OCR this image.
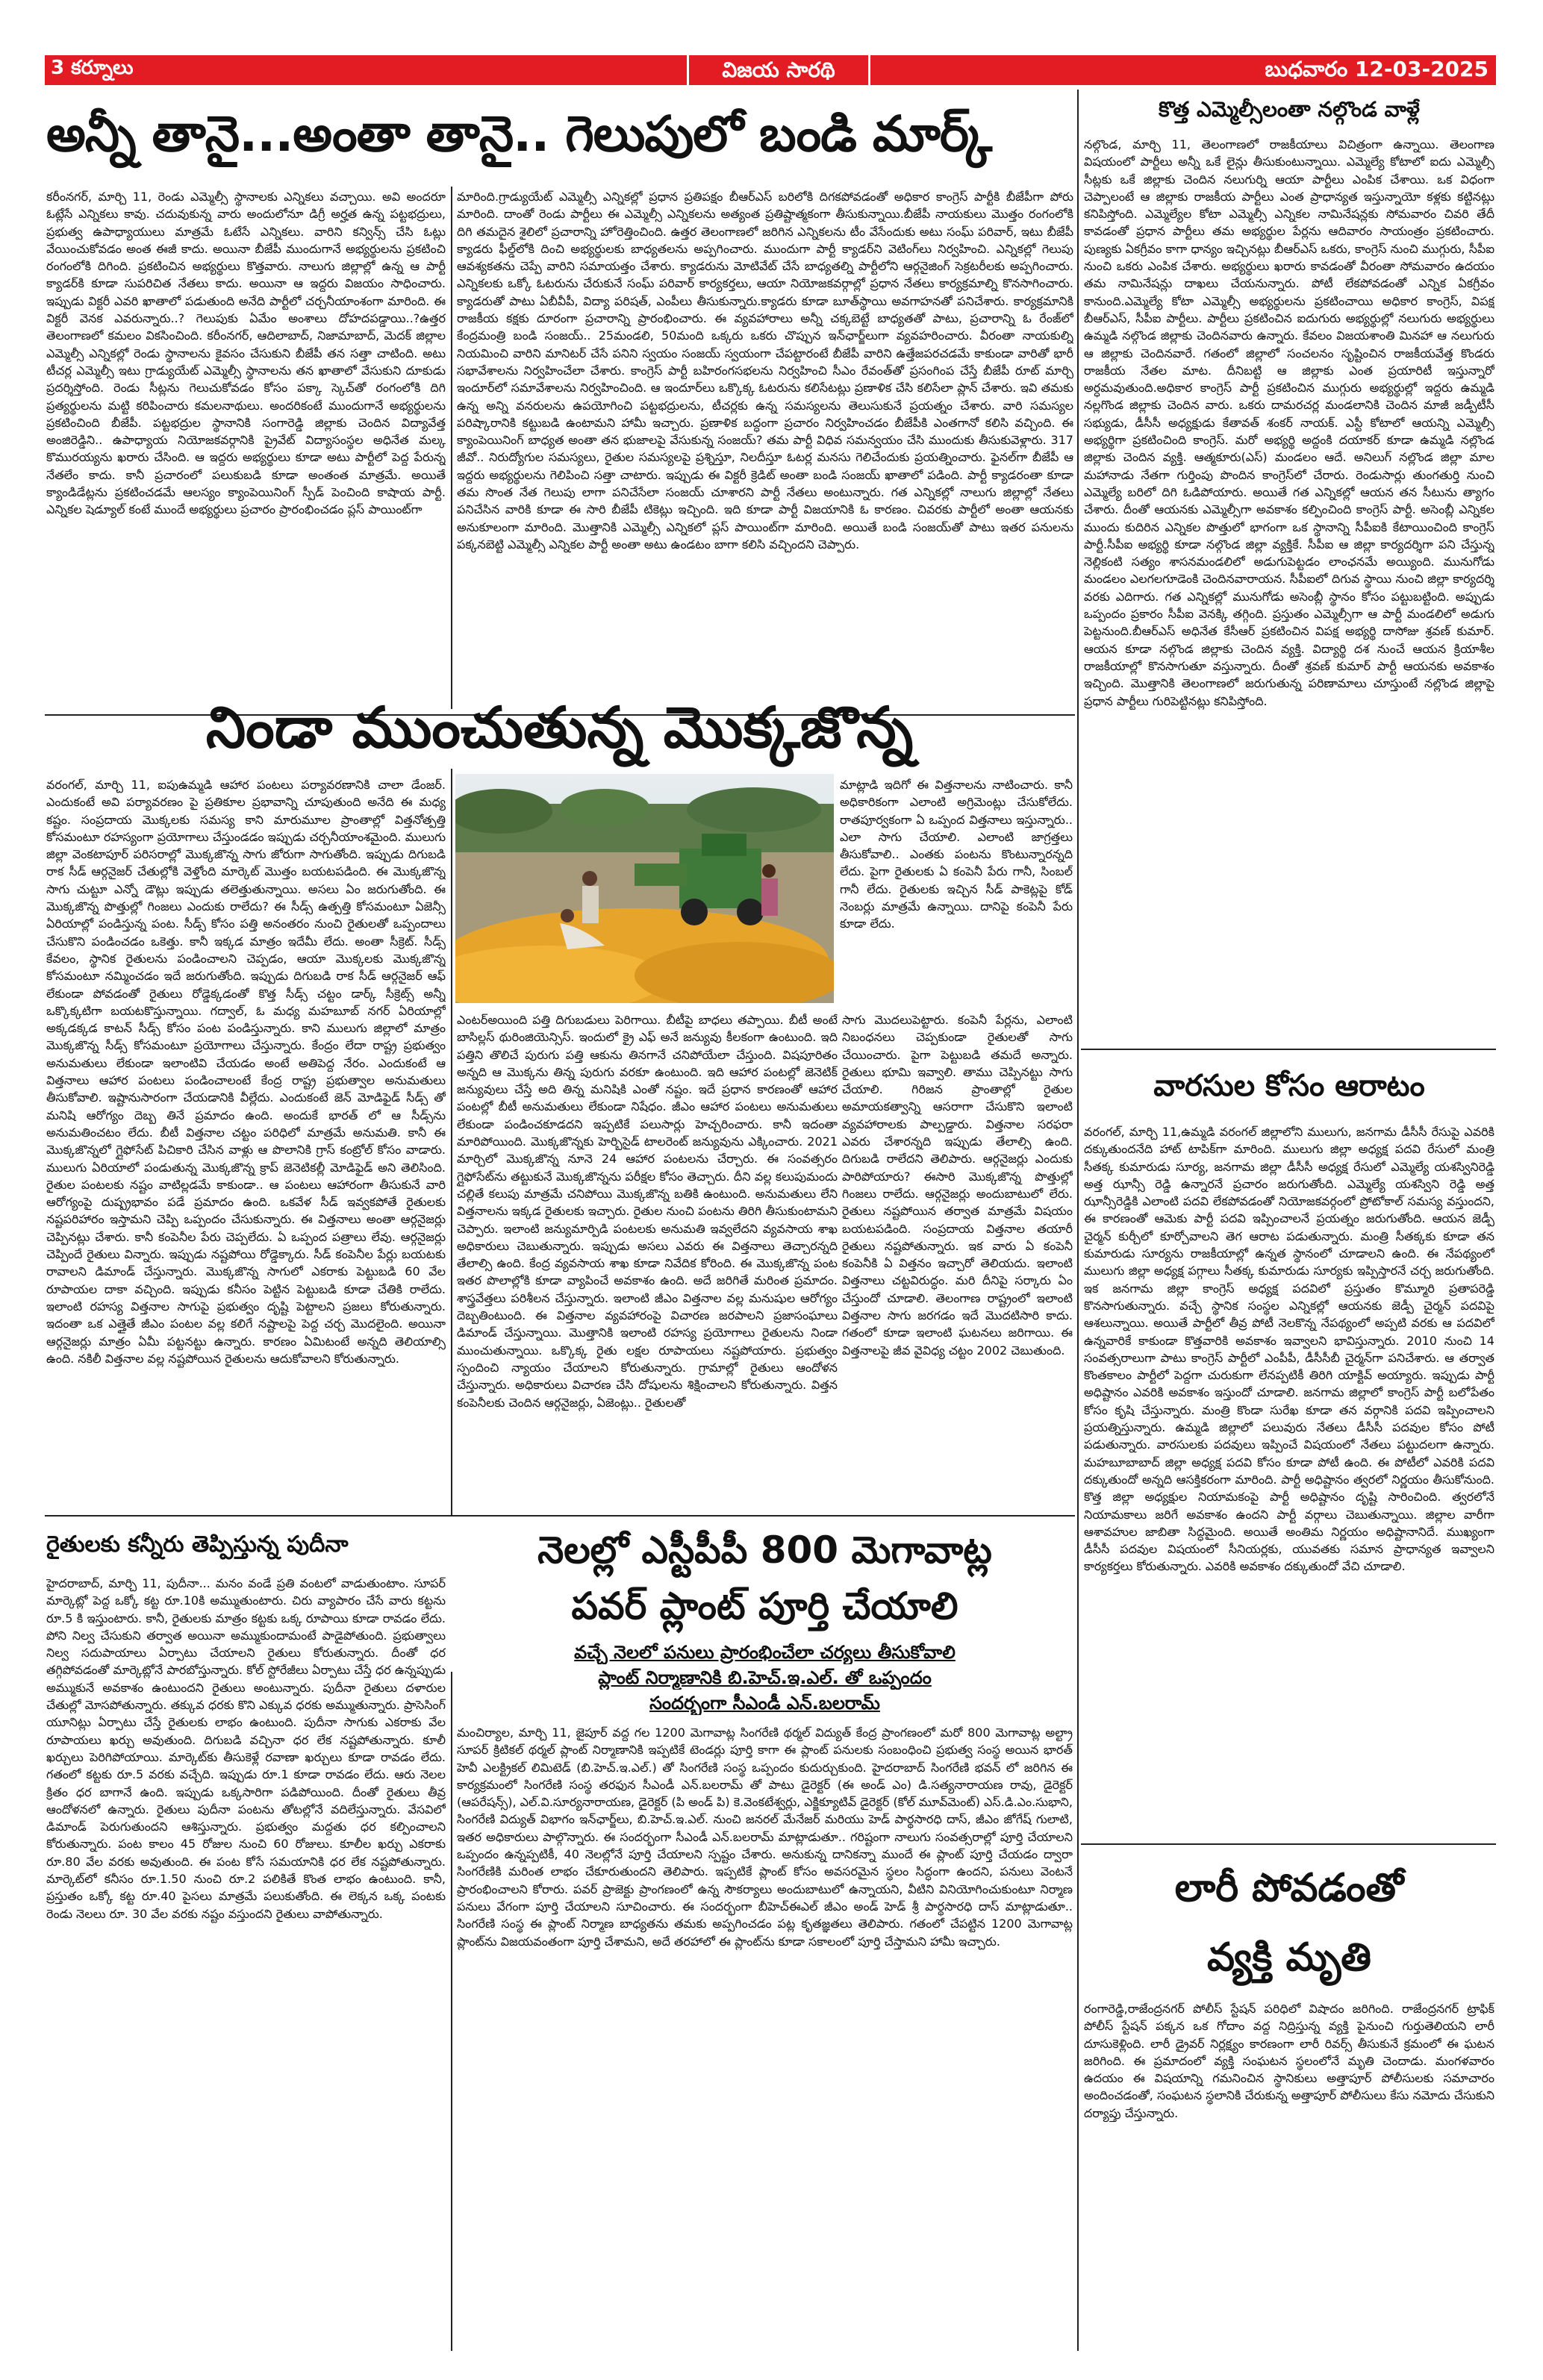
3 కర్నూలు	విజయ సారథి	బుధవారం 12-03-2025
అన్నీ తానై...అంతా తానై.. గెలుపులో బండి మార్క్
కరీంనగర్, మార్చి 11, రెండు ఎమ్మెల్సీ స్థానాలకు ఎన్నికలు వచ్చాయి. అవి అందరూ ఓట్లేసే ఎన్నికలు కావు. చదువుకున్న వారు అందులోనూ డిగ్రీ అర్హత ఉన్న పట్టభద్రులు, ప్రభుత్వ ఉపాధ్యాయులు మాత్రమే ఓటేసే ఎన్నికలు. వారిని కన్విన్స్ చేసి ఓట్లు వేయించుకోవడం అంత ఈజీ కాదు. అయినా బీజేపీ ముందుగానే అభ్యర్థులను ప్రకటించి రంగంలోకి దిగింది. ప్రకటించిన అభ్యర్థులు కొత్తవారు. నాలుగు జిల్లాల్లో ఉన్న ఆ పార్టీ క్యాడర్‌కి కూడా సుపరిచిత నేతలు కాదు. అయినా ఆ ఇద్దరు విజయం సాధించారు. ఇప్పుడు విక్టరీ ఎవరి ఖాతాలో పడుతుంది అనేది పార్టీలో చర్చనీయాంశంగా మారింది. ఈ విక్టరీ వెనక ఎవరున్నారు..? గెలుపుకు ఏమేం అంశాలు దోహదపడ్డాయి..?ఉత్తర తెలంగాణలో కమలం వికసించింది. కరీంనగర్, ఆదిలాబాద్, నిజామాబాద్, మెదక్ జిల్లాల ఎమ్మెల్సీ ఎన్నికల్లో రెండు స్థానాలను కైవసం చేసుకుని బీజేపీ తన సత్తా చాటింది. అటు టీచర్ల ఎమ్మెల్సీ ఇటు గ్రాడ్యుయేట్ ఎమ్మెల్సీ స్థానాలను తన ఖాతాలో వేసుకుని దూకుడు ప్రదర్శిస్తోంది. రెండు సీట్లను గెలుచుకోవడం కోసం పక్కా స్కెచ్‌తో రంగంలోకి దిగి ప్రత్యర్థులను మట్టి కరిపించారు కమలనాథులు. అందరికంటే ముందుగానే అభ్యర్థులను ప్రకటించింది బీజేపీ. పట్టభద్రుల స్థానానికి సంగారెడ్డి జిల్లాకు చెందిన విద్యావేత్త అంజిరెడ్డిని.. ఉపాధ్యాయ నియోజకవర్గానికి ప్రైవేట్ విద్యాసంస్థల అధినేత మల్క కొమురయ్యను ఖరారు చేసింది. ఆ ఇద్దరు అభ్యర్థులు కూడా అటు పార్టీలో పెద్ద పేరున్న నేతలేం కాదు. కానీ ప్రచారంలో పలుకుబడి కూడా అంతంత మాత్రమే. అయితే క్యాండిడేట్లను ప్రకటించడమే ఆలస్యం క్యాంపెయినింగ్ స్పీడ్ పెంచింది కాషాయ పార్టీ. ఎన్నికల షెడ్యూల్ కంటే ముందే అభ్యర్థులు ప్రచారం ప్రారంభించడం ప్లస్ పాయింట్‌గా
మారింది.గ్రాడ్యుయేట్ ఎమ్మెల్సీ ఎన్నికల్లో ప్రధాన ప్రతిపక్షం బీఆర్ఎస్ బరిలోకి దిగకపోవడంతో అధికార కాంగ్రెస్ పార్టీకి బీజేపీగా పోరు మారింది. దాంతో రెండు పార్టీలు ఈ ఎమ్మెల్సీ ఎన్నికలను అత్యంత ప్రతిష్టాత్మకంగా తీసుకున్నాయి.బీజేపీ నాయకులు మొత్తం రంగంలోకి దిగి తమదైన శైలిలో ప్రచారాన్ని హోరెత్తించింది. ఉత్తర తెలంగాణలో జరిగిన ఎన్నికలను టీం వేసేందుకు అటు సంఘ్ పరివార్, ఇటు బీజేపీ క్యాడరు ఫీల్డ్‌లోకి దించి అభ్యర్థులకు బాధ్యతలను అప్పగించారు. ముందుగా పార్టీ క్యాడర్‌ని వెటింగ్‌లు నిర్వహించి. ఎన్నికల్లో గెలుపు ఆవశ్యకతను చెప్పే వారిని సమాయత్తం చేశారు. క్యాడరును మోటివేట్ చేసే బాధ్యతల్ని పార్టీలోని ఆర్గనైజింగ్ సెక్రటరీలకు అప్పగించారు. ఎన్నికలకు ఒక్కో ఓటరును చేరుకునే సంఘ్ పరివార్ కార్యకర్తలు, ఆయా నియోజకవర్గాల్లో ప్రధాన నేతలు కార్యక్రమాల్ని కొనసాగించారు. క్యాడరుతో పాటు ఏబీవీపీ, విద్యా పరిషత్, ఎంపీలు తీసుకున్నారు.క్యాడరు కూడా బూత్‌స్థాయి అవగాహనతో పనిచేశారు. కార్యక్రమానికి రాజకీయ కక్షకు దూరంగా ప్రచారాన్ని ప్రారంభించారు. ఈ వ్యవహారాలు అన్నీ చక్కబెట్టే బాధ్యతతో పాటు, ప్రచారాన్ని ఓ రేంజ్‌లో కేంద్రమంత్రి బండి సంజయ్.. 25మండలి, 50మంది ఒక్కరు ఒకరు చొప్పున ఇన్‌ఛార్జ్‌లుగా వ్యవహరించారు. వీరంతా నాయకుల్ని నియమించి వారిని మానిటర్ చేసే పనిని స్వయం సంజయ్ స్వయంగా చేపట్టారంటే బీజేపీ వారిని ఉత్తేజపరచడమే కాకుండా వారితో భారీ సభావేశాలను నిర్వహించేలా చేశారు. కాంగ్రెస్ పార్టీ బహిరంగసభలను నిర్వహించి సీఎం రేవంత్‌తో ప్రసంగింప చేస్తే బీజేపీ రూట్ మార్చి ఇందూర్‌లో సమావేశాలను నిర్వహించింది. ఆ ఇందూర్‌లు ఒక్కొక్క ఓటరును కలిసేటట్లు ప్రణాళిక చేసి కలిసేలా ప్లాన్ చేశారు. ఇవి తమకు ఉన్న అన్ని వనరులను ఉపయోగించి పట్టభద్రులను, టీచర్లకు ఉన్న సమస్యలను తెలుసుకునే ప్రయత్నం చేశారు. వారి సమస్యల పరిష్కారానికి కట్టుబడి ఉంటామని హామీ ఇచ్చారు. ప్రణాళిక బద్ధంగా ప్రచారం నిర్వహించడం బీజేపీకి ఎంతగానో కలిసి వచ్చింది. ఈ క్యాంపెయినింగ్ బాధ్యత అంతా తన భుజాలపై వేసుకున్న సంజయ్? తమ పార్టీ విధివ సమన్వయం చేసి ముందుకు తీసుకువెళ్లారు. 317 జీవో.. నిరుద్యోగుల సమస్యలు, రైతుల సమస్యలపై ప్రశ్నిస్తూ, నిలదీస్తూ ఓటర్ల మనసు గెలిచేందుకు ప్రయత్నించారు. ఫైనల్‌గా బీజేపీ ఆ ఇద్దరు అభ్యర్థులను గెలిపించి సత్తా చాటారు. ఇప్పుడు ఈ విక్టరీ క్రెడిట్ అంతా బండి సంజయ్ ఖాతాలో పడింది. పార్టీ క్యాడరంతా కూడా తమ సొంత నేత గెలుపు లాగా పనిచేసేలా సంజయ్ చూశారని పార్టీ నేతలు అంటున్నారు. గత ఎన్నికల్లో నాలుగు జిల్లాల్లో నేతలు పనిచేసిన వారికి కూడా ఈ సారి బీజేపీ టికెట్లు ఇచ్చింది. ఇది కూడా పార్టీ విజయానికి ఓ కారణం. చివరకు పార్టీలో అంతా ఆయనకు అనుకూలంగా మారింది. మొత్తానికి ఎమ్మెల్సీ ఎన్నికలో ప్లస్ పాయింట్‌గా మారింది. అయితే బండి సంజయ్‌తో పాటు ఇతర పనులను పక్కనబెట్టి ఎమ్మెల్సీ ఎన్నికల పార్టీ అంతా అటు ఉండటం బాగా కలిసి వచ్చిందని చెప్పారు.
నిండా ముంచుతున్న మొక్కజొన్న
వరంగల్, మార్చి 11, ఐపుఉమ్మడి ఆహార పంటలు పర్యావరణానికి చాలా డేంజర్. ఎందుకంటే అవి పర్యావరణం పై ప్రతికూల ప్రభావాన్ని చూపుతుంది అనేది ఈ మధ్య కష్టం. సంప్రదాయ మొక్కలకు సమస్య కాని మారుమూల ప్రాంతాల్లో విత్తనోత్పత్తి కోసమంటూ రహస్యంగా ప్రయోగాలు చేస్తుండడం ఇప్పుడు చర్చనీయాంశమైంది. ములుగు జిల్లా వెంకటాపూర్ పరిసరాల్లో మొక్కజొన్న సాగు జోరుగా సాగుతోంది. ఇప్పుడు దిగుబడి రాక సీడ్ ఆర్గనైజర్ చేతుల్లోకి వెళ్తోంది మార్కెట్ మొత్తం బయటపడింది. ఈ మొక్కజొన్న సాగు చుట్టూ ఎన్నో డౌట్లు ఇప్పుడు తలెత్తుతున్నాయి. అసలు ఏం జరుగుతోంది. ఈ మొక్కజొన్న పొత్తుల్లో గింజలు ఎందుకు రాలేదు? ఈ సీడ్స్ ఉత్పత్తి కోసమంటూ ఏజెన్సీ ఏరియాల్లో పండిస్తున్న పంట. సీడ్స్ కోసం పత్తి అనంతరం నుంచి రైతులతో ఒప్పందాలు చేసుకొని పండించడం ఒకెత్తు. కానీ ఇక్కడ మాత్రం ఇదేమీ లేదు. అంతా సీక్రెట్. సీడ్స్ కేవలం, స్థానిక రైతులను పండించాలని చెప్పడం, ఆయా మొక్కలకు మొక్కజొన్న కోసమంటూ నమ్మించడం ఇదే జరుగుతోంది. ఇప్పుడు దిగుబడి రాక సీడ్ ఆర్గనైజర్ ఆఫ్ లేకుండా పోవడంతో రైతులు రోడ్డెక్కడంతో కొత్త సీడ్స్ చట్టం డార్క్ సీక్రెట్స్ అన్నీ ఒక్కొక్కటిగా బయటకొస్తున్నాయి. గద్వాల్, ఓ మధ్య మహబూబ్ నగర్ ఏరియాల్లో అక్కడక్కడ కాటన్ సీడ్స్ కోసం పంట పండిస్తున్నారు. కాని ములుగు జిల్లాలో మాత్రం మొక్కజొన్న సీడ్స్ కోసమంటూ ప్రయోగాలు చేస్తున్నారు. కేంద్రం లేదా రాష్ట్ర ప్రభుత్వం అనుమతులు లేకుండా ఇలాంటివి చేయడం అంటే అతిపెద్ద నేరం. ఎందుకంటే ఆ విత్తనాలు ఆహార పంటలు పండించాలంటే కేంద్ర రాష్ట్ర ప్రభుత్వాల అనుమతులు తీసుకోవాలి. ఇష్టానుసారంగా చేయడానికి వీల్లేదు. ఎందుకంటే జెన్ మోడిఫైడ్ సీడ్స్ తో మనిషి ఆరోగ్యం దెబ్బ తినే ప్రమాదం ఉంది. అందుకే భారత్ లో ఆ సీడ్స్‌ను అనుమతించటం లేదు. బీటీ విత్తనాల చట్టం పరిధిలో మాత్రమే అనుమతి. కానీ ఈ మొక్కజొన్నలో గ్లైఫోసేట్ పిచికారి చేసిన వాళ్లు ఆ పొలానికి గ్రాస్ కంట్రోల్ కోసం వాడారు. ములుగు ఏరియాలో పండుతున్న మొక్కజొన్న క్రాప్ జెనెటికల్లీ మోడిఫైడ్ అని తెలిసింది. రైతుల పంటలకు నష్టం వాటిల్లడమే కాకుండా.. ఆ పంటలు ఆహారంగా తీసుకునే వారి ఆరోగ్యంపై దుష్ప్రభావం పడే ప్రమాదం ఉంది. ఒకవేళ సీడ్ ఇవ్వకపోతే రైతులకు నష్టపరిహారం ఇస్తామని చెప్పి ఒప్పందం చేసుకున్నారు. ఈ విత్తనాలు అంతా ఆర్గనైజర్లు చెప్పినట్లు చేశారు. కానీ కంపెనీల పేరు చెప్పలేదు. ఏ ఒప్పంద పత్రాలు లేవు. ఆర్గనైజర్లు చెప్పిందే రైతులు విన్నారు. ఇప్పుడు నష్టపోయి రోడ్డెక్కారు. సీడ్ కంపెనీల పేర్లు బయటకు రావాలని డిమాండ్ చేస్తున్నారు. మొక్కజొన్న సాగులో ఎకరాకు పెట్టుబడి 60 వేల రూపాయల దాకా వచ్చింది. ఇప్పుడు కనీసం పెట్టిన పెట్టుబడి కూడా చేతికి రాలేదు. ఇలాంటి రహస్య విత్తనాల సాగుపై ప్రభుత్వం దృష్టి పెట్టాలని ప్రజలు కోరుతున్నారు. ఇదంతా ఒక ఎత్తైతే జీఎం పంటల వల్ల కలిగే నష్టాలపై పెద్ద చర్చ మొదలైంది. అయినా ఆర్గనైజర్లు మాత్రం ఏమీ పట్టనట్టు ఉన్నారు. కారణం ఏమిటంటే అన్నది తెలియాల్సి ఉంది. నకిలీ విత్తనాల వల్ల నష్టపోయిన రైతులను ఆదుకోవాలని కోరుతున్నారు.
మాట్లాడి ఇదిగో ఈ విత్తనాలను నాటించారు. కానీ అధికారికంగా ఎలాంటి అగ్రిమెంట్లు చేసుకోలేదు. రాతపూర్వకంగా ఏ ఒప్పంద విత్తనాలు ఇస్తున్నారు.. ఎలా సాగు చేయాలి. ఎలాంటి జాగ్రత్తలు తీసుకోవాలి.. ఎంతకు పంటను కొంటున్నారన్నది లేదు. పైగా రైతులకు ఏ కంపెనీ పేరు గానీ, సింబల్ గానీ లేదు. రైతులకు ఇచ్చిన సీడ్ పాకెట్లపై కోడ్ నెంబర్లు మాత్రమే ఉన్నాయి. దానిపై కంపెనీ పేరు కూడా లేదు.
ఎంటర్‌అయింది పత్తి దిగుబడులు పెరిగాయి. బీటీపై బాధలు తప్పాయి. బీటీ అంటే బాసిల్లస్ థురింజియెన్సిస్. ఇందులో క్రై ఎఫ్ అనే జన్యువు కీలకంగా ఉంటుంది. ఇది పత్తిని తొలిచే పురుగు పత్తి ఆకును తినగానే చనిపోయేలా చేస్తుంది. విషపూరితం అన్నది ఆ మొక్కను తిన్న పురుగు వరకూ ఉంటుంది. ఇది ఆహార పంటల్లో జెనెటిక్ జన్యువులు చేస్తే అది తిన్న మనిషికి ఎంతో నష్టం. ఇదే ప్రధాన కారణంతో ఆహార పంటల్లో బీటీ అనుమతులు లేకుండా నిషేధం. జీఎం ఆహార పంటలు అనుమతులు లేకుండా పండించకూడదని ఇప్పటికే పలుసార్లు హెచ్చరించారు. కానీ ఇదంతా మారిపోయింది. మొక్కజొన్నకు హెర్బిసైడ్ టాలరెంట్ జన్యువును ఎక్కించారు. 2021 మార్చిలో మొక్కజొన్న నూనె 24 ఆహార పంటలను చేర్చారు. ఈ సంవత్సరం గ్లైఫోసేట్‌ను తట్టుకునే మొక్కజొన్నను పరీక్షల కోసం తెచ్చారు. దీని వల్ల కలుపుమందు చల్లితే కలుపు మాత్రమే చనిపోయి మొక్కజొన్న బతికి ఉంటుంది. అనుమతులు లేని విత్తనాలను ఇక్కడ రైతులకు ఇచ్చారు. రైతుల నుంచి పంటను తిరిగి తీసుకుంటామని చెప్పారు. ఇలాంటి జన్యుమార్పిడి పంటలకు అనుమతి ఇవ్వలేదని వ్యవసాయ శాఖ అధికారులు చెబుతున్నారు. ఇప్పుడు అసలు ఎవరు ఈ విత్తనాలు తెచ్చారన్నది తేలాల్సి ఉంది. కేంద్ర వ్యవసాయ శాఖ కూడా నివేదిక కోరింది. ఈ మొక్కజొన్న పంట ఇతర పొలాల్లోకి కూడా వ్యాపించే అవకాశం ఉంది. అదే జరిగితే మరింత ప్రమాదం. శాస్త్రవేత్తలు పరిశీలన చేస్తున్నారు. ఇలాంటి జీఎం విత్తనాల వల్ల మనుషుల ఆరోగ్యం దెబ్బతింటుంది. ఈ విత్తనాల వ్యవహారంపై విచారణ జరపాలని ప్రజాసంఘాలు డిమాండ్ చేస్తున్నాయి. మొత్తానికి ఇలాంటి రహస్య ప్రయోగాలు రైతులను నిండా ముంచుతున్నాయి. ఒక్కొక్క రైతు లక్షల రూపాయలు నష్టపోయారు. ప్రభుత్వం స్పందించి న్యాయం చేయాలని కోరుతున్నారు. గ్రామాల్లో రైతులు ఆందోళన చేస్తున్నారు. అధికారులు విచారణ చేసి దోషులను శిక్షించాలని కోరుతున్నారు. విత్తన కంపెనీలకు చెందిన ఆర్గనైజర్లు, ఏజెంట్లు.. రైతులతో
సాగు మొదలుపెట్టారు. కంపెనీ పేర్లను, ఎలాంటి నిబంధనలు చెప్పకుండా రైతులతో సాగు చేయించారు. పైగా పెట్టుబడి తమదే అన్నారు. రైతులు భూమి ఇవ్వాలి. తాము చెప్పినట్టు సాగు చేయాలి. గిరిజన ప్రాంతాల్లో రైతుల అమాయకత్వాన్ని ఆసరాగా చేసుకొని ఇలాంటి వ్యవహారాలకు పాల్పడ్డారు. విత్తనాల సరఫరా ఎవరు చేశారన్నది ఇప్పుడు తేలాల్సి ఉంది. దిగుబడి రాలేదని తెలిపారు. ఆర్గనైజర్లు ఎందుకు పారిపోయారు? ఈసారి మొక్కజొన్న పొత్తుల్లో గింజలు రాలేదు. ఆర్గనైజర్లు అందుబాటులో లేరు. రైతులు నష్టపోయిన తర్వాత మాత్రమే విషయం బయటపడింది. సంప్రదాయ విత్తనాల తయారీ రైతులు నష్టపోతున్నారు. ఇక వారు ఏ కంపెనీ కంపెనీకి ఏ విత్తనం ఇచ్చారో తెలియదు. ఇలాంటి విత్తనాలు చట్టవిరుద్ధం. మరి దీనిపై సర్కారు ఏం చేస్తుందో చూడాలి. తెలంగాణ రాష్ట్రంలో ఇలాంటి విత్తనాల సాగు జరగడం ఇదే మొదటిసారి కాదు. గతంలో కూడా ఇలాంటి ఘటనలు జరిగాయి. ఈ విత్తనాలపై జీవ వైవిధ్య చట్టం 2002 చెబుతుంది.
రైతులకు కన్నీరు తెప్పిస్తున్న పుదీనా
హైదరాబాద్, మార్చి 11, పుదీనా... మనం వండే ప్రతి వంటలో వాడుతుంటాం. సూపర్ మార్కెట్లో పెద్ద ఒక్కో కట్ట రూ.10కి అమ్ముతుంటారు. చిరు వ్యాపారం చేసే వారు కట్టను రూ.5 కి ఇస్తుంటారు. కానీ, రైతులకు మాత్రం కట్టకు ఒక్క రూపాయి కూడా రావడం లేదు. పోని నిల్వ చేసుకుని తర్వాత అయినా అమ్ముకుందామంటే పాడైపోతుంది. ప్రభుత్వాలు నిల్వ సదుపాయాలు ఏర్పాటు చేయాలని రైతులు కోరుతున్నారు. దీంతో ధర తగ్గిపోవడంతో మార్కెట్లోనే పారబోస్తున్నారు. కోల్ స్టోరేజీలు ఏర్పాటు చేస్తే ధర ఉన్నప్పుడు అమ్ముకునే అవకాశం ఉంటుందని రైతులు అంటున్నారు. పుదీనా రైతులు దళారుల చేతుల్లో మోసపోతున్నారు. తక్కువ ధరకు కొని ఎక్కువ ధరకు అమ్ముతున్నారు. ప్రాసెసింగ్ యూనిట్లు ఏర్పాటు చేస్తే రైతులకు లాభం ఉంటుంది. పుదీనా సాగుకు ఎకరాకు వేల రూపాయలు ఖర్చు అవుతుంది. దిగుబడి వచ్చినా ధర లేక నష్టపోతున్నారు. కూలీ ఖర్చులు పెరిగిపోయాయి. మార్కెట్‌కు తీసుకెళ్లే రవాణా ఖర్చులు కూడా రావడం లేదు. గతంలో కట్టకు రూ.5 వరకు వచ్చేది. ఇప్పుడు రూ.1 కూడా రావడం లేదు. ఆరు నెలల క్రితం ధర బాగానే ఉంది. ఇప్పుడు ఒక్కసారిగా పడిపోయింది. దీంతో రైతులు తీవ్ర ఆందోళనలో ఉన్నారు. రైతులు పుదీనా పంటను తోటల్లోనే వదిలేస్తున్నారు. వేసవిలో డిమాండ్ పెరుగుతుందని ఆశిస్తున్నారు. ప్రభుత్వం మద్దతు ధర కల్పించాలని కోరుతున్నారు. పంట కాలం 45 రోజుల నుంచి 60 రోజులు. కూలీల ఖర్చు ఎకరాకు రూ.80 వేల వరకు అవుతుంది. ఈ పంట కోసే సమయానికి ధర లేక నష్టపోతున్నారు. మార్కెట్‌లో కనీసం రూ.1.50 నుంచి రూ.2 పలికితే కొంత లాభం ఉంటుంది. కానీ, ప్రస్తుతం ఒక్కో కట్ట రూ.40 పైసలు మాత్రమే పలుకుతోంది. ఈ లెక్కన ఒక్క పంటకు రెండు నెలలు రూ. 30 వేల వరకు నష్టం వస్తుందని రైతులు వాపోతున్నారు.
నెలల్లో ఎస్టీపీపీ 800 మెగావాట్ల
పవర్ ప్లాంట్ పూర్తి చేయాలి
వచ్చే నెలలో పనులు ప్రారంభించేలా చర్యలు తీసుకోవాలి
ప్లాంట్ నిర్మాణానికి బి.హెచ్.ఇ.ఎల్. తో ఒప్పందం
సందర్భంగా సీఎండీ ఎన్.బలరామ్
మంచిర్యాల, మార్చి 11, జైపూర్ వద్ద గల 1200 మెగావాట్ల సింగరేణి థర్మల్ విద్యుత్ కేంద్ర ప్రాంగణంలో మరో 800 మెగావాట్ల అల్ట్రా సూపర్ క్రిటికల్ థర్మల్ ప్లాంట్ నిర్మాణానికి ఇప్పటికే టెండర్లు పూర్తి కాగా ఈ ప్లాంట్ పనులకు సంబంధించి ప్రభుత్వ సంస్థ అయిన భారత్ హెవీ ఎలక్ట్రికల్ లిమిటెడ్ (బి.హెచ్.ఇ.ఎల్.) తో సింగరేణి సంస్థ ఒప్పందం కుదుర్చుకుంది. హైదరాబాద్ సింగరేణి భవన్ లో జరిగిన ఈ కార్యక్రమంలో సింగరేణి సంస్థ తరఫున సీఎండీ ఎన్.బలరామ్ తో పాటు డైరెక్టర్ (ఈ అండ్ ఎం) డి.సత్యనారాయణ రావు, డైరెక్టర్ (ఆపరేషన్స్), ఎల్.వి.సూర్యనారాయణ, డైరెక్టర్ (పి అండ్ పి) కె.వెంకటేశ్వర్లు, ఎక్జిక్యూటివ్ డైరెక్టర్ (కోల్ మూవ్‌మెంట్) ఎస్.డి.ఎం.సుభాని, సింగరేణి విద్యుత్ విభాగం ఇన్‌ఛార్జ్‌లు, బి.హెచ్.ఇ.ఎల్. నుంచి జనరల్ మేనేజర్ మరియు హెడ్ పార్థసారధి దాస్, జీఎం జోగేష్ గులాటి, ఇతర అధికారులు పాల్గొన్నారు. ఈ సందర్భంగా సీఎండీ ఎన్.బలరామ్ మాట్లాడుతూ.. గరిష్టంగా నాలుగు సంవత్సరాల్లో పూర్తి చేయాలని ఒప్పందం ఉన్నప్పటికీ, 40 నెలల్లోనే పూర్తి చేయాలని స్పష్టం చేశారు. అనుకున్న దానికన్నా ముందే ఈ ప్లాంట్ పూర్తి చేయడం ద్వారా సింగరేణికి మరింత లాభం చేకూరుతుందని తెలిపారు. ఇప్పటికే ప్లాంట్ కోసం అవసరమైన స్థలం సిద్ధంగా ఉందని, పనులు వెంటనే ప్రారంభించాలని కోరారు. పవర్ ప్రాజెక్టు ప్రాంగణంలో ఉన్న సౌకర్యాలు అందుబాటులో ఉన్నాయని, వీటిని వినియోగించుకుంటూ నిర్మాణ పనులు వేగంగా పూర్తి చేయాలని సూచించారు. ఈ సందర్భంగా బీహెచ్ఈఎల్ జీఎం అండ్ హెడ్ శ్రీ పార్థసారధి దాస్ మాట్లాడుతూ.. సింగరేణి సంస్థ ఈ ప్లాంట్ నిర్మాణ బాధ్యతను తమకు అప్పగించడం పట్ల కృతజ్ఞతలు తెలిపారు. గతంలో చేపట్టిన 1200 మెగావాట్ల ప్లాంట్‌ను విజయవంతంగా పూర్తి చేశామని, అదే తరహాలో ఈ ప్లాంట్‌ను కూడా సకాలంలో పూర్తి చేస్తామని హామీ ఇచ్చారు.
కొత్త ఎమ్మెల్సీలంతా నల్గొండ వాళ్లే
నల్గొండ, మార్చి 11, తెలంగాణలో రాజకీయాలు విచిత్రంగా ఉన్నాయి. తెలంగాణ విషయంలో పార్టీలు అన్నీ ఒకే లైన్లు తీసుకుంటున్నాయి. ఎమ్మెల్యే కోటాలో ఐదు ఎమ్మెల్సీ సీట్లకు ఒకే జిల్లాకు చెందిన నలుగుర్ని ఆయా పార్టీలు ఎంపిక చేశాయి. ఒక విధంగా చెప్పాలంటే ఆ జిల్లాకు రాజకీయ పార్టీలు ఎంత ప్రాధాన్యత ఇస్తున్నాయో కళ్లకు కట్టినట్లు కనిపిస్తోంది. ఎమ్మెల్యేల కోటా ఎమ్మెల్సీ ఎన్నికల నామినేషన్లకు సోమవారం చివరి తేదీ కావడంతో ప్రధాన పార్టీలు తమ అభ్యర్థుల పేర్లను ఆదివారం సాయంత్రం ప్రకటించారు. పుణ్యకు ఏకగ్రీవం కాగా ధాన్యం ఇచ్చినట్లు బీఆర్ఎస్ ఒకరు, కాంగ్రెస్ నుంచి ముగ్గురు, సీపీఐ నుంచి ఒకరు ఎంపిక చేశారు. అభ్యర్థులు ఖరారు కావడంతో వీరంతా సోమవారం ఉదయం తమ నామినేషన్లు దాఖలు చేయనున్నారు. పోటీ లేకపోవడంతో ఎన్నిక ఏకగ్రీవం కానుంది.ఎమ్మెల్యే కోటా ఎమ్మెల్సీ అభ్యర్థులను ప్రకటించాయి అధికార కాంగ్రెస్, విపక్ష బీఆర్ఎస్, సీపీఐ పార్టీలు. పార్టీలు ప్రకటించిన ఐదుగురు అభ్యర్థుల్లో నలుగురు అభ్యర్థులు ఉమ్మడి నల్గొండ జిల్లాకు చెందినవారు ఉన్నారు. కేవలం విజయశాంతి మినహా ఆ నలుగురు ఆ జిల్లాకు చెందినవారే. గతంలో జిల్లాలో సంచలనం సృష్టించిన రాజకీయవేత్త కొండరు రాజకీయ నేతల మాట. దీనిబట్టి ఆ జిల్లాకు ఎంత ప్రయారిటీ ఇస్తున్నారో అర్ధమవుతుంది.అధికార కాంగ్రెస్ పార్టీ ప్రకటించిన ముగ్గురు అభ్యర్థుల్లో ఇద్దరు ఉమ్మడి నల్లగొండ జిల్లాకు చెందిన వారు. ఒకరు దామరచర్ల మండలానికి చెందిన మాజీ జడ్పీటీసీ సభ్యుడు, డీసీసీ అధ్యక్షుడు కేతావత్ శంకర్ నాయక్. ఎస్టీ కోటాలో ఆయన్ని ఎమ్మెల్సీ అభ్యర్థిగా ప్రకటించింది కాంగ్రెస్. మరో అభ్యర్థి అద్దంకి దయాకర్ కూడా ఉమ్మడి నల్లొండ జిల్లాకు చెందిన వ్యక్తి. ఆత్మకూరు(ఎస్) మండలం ఆదే. అనిలుగ్ నల్లొండ జిల్లా మాల మహానాడు నేతగా గుర్తింపు పొందిన కాంగ్రెస్‌లో చేరారు. రెండుసార్లు తుంగతుర్తి నుంచి ఎమ్మెల్యే బరిలో దిగి ఓడిపోయారు. అయితే గత ఎన్నికల్లో ఆయన తన సీటును త్యాగం చేశారు. దీంతో ఆయనకు ఎమ్మెల్సీగా అవకాశం కల్పించింది కాంగ్రెస్ పార్టీ. అసెంబ్లీ ఎన్నికల ముందు కుదిరిన ఎన్నికల పొత్తులో భాగంగా ఒక స్థానాన్ని సీపీఐకి కేటాయించింది కాంగ్రెస్ పార్టీ.సీపీఐ అభ్యర్థి కూడా నల్గొండ జిల్లా వ్యక్తికే. సీపీఐ ఆ జిల్లా కార్యదర్శిగా పని చేస్తున్న నెల్లికంటి సత్యం శాసనమండలిలో అడుగుపెట్టడం లాంఛనమే అయ్యింది. మునుగోడు మండలం ఎలగలగూడెంకి చెందినవారాయన. సీపీఐలో దిగువ స్థాయి నుంచి జిల్లా కార్యదర్శి వరకు ఎదిగారు. గత ఎన్నికల్లో మునుగోడు అసెంబ్లీ స్థానం కోసం పట్టుబట్టింది. అప్పుడు ఒప్పందం ప్రకారం సీపీఐ వెనక్కి తగ్గింది. ప్రస్తుతం ఎమ్మెల్సీగా ఆ పార్టీ మండలిలో అడుగు పెట్టనుంది.బీఆర్ఎస్ అధినేత కేసీఆర్ ప్రకటించిన విపక్ష అభ్యర్థి దాసోజు శ్రవణ్ కుమార్. ఆయన కూడా నల్గొండ జిల్లాకు చెందిన వ్యక్తి. విద్యార్థి దశ నుంచే ఆయన క్రియాశీల రాజకీయాల్లో కొనసాగుతూ వస్తున్నారు. దీంతో శ్రవణ్ కుమార్ పార్టీ ఆయనకు అవకాశం ఇచ్చింది. మొత్తానికి తెలంగాణలో జరుగుతున్న పరిణామాలు చూస్తుంటే నల్లొండ జిల్లాపై ప్రధాన పార్టీలు గురిపెట్టినట్లు కనిపిస్తోంది.
వారసుల కోసం ఆరాటం
వరంగల్, మార్చి 11,ఉమ్మడి వరంగల్ జిల్లాలోని ములుగు, జనగామ డీసీసీ రేసుపై ఎవరికి దక్కుతుందనేది హాట్ టాపిక్‌గా మారింది. ములుగు జిల్లా అధ్యక్ష పదవి రేసులో మంత్రి సీతక్క కుమారుడు సూర్య, జనగామ జిల్లా డీసీసీ అధ్యక్ష రేసులో ఎమ్మెల్యే యశస్వినిరెడ్డి అత్త ఝాన్సీ రెడ్డి ఉన్నారనే ప్రచారం జరుగుతోంది. ఎమ్మెల్యే యశస్విని రెడ్డి అత్త ఝాన్సీరెడ్డికి ఎలాంటి పదవి లేకపోవడంతో నియోజకవర్గంలో ప్రోటోకాల్ సమస్య వస్తుందని, ఈ కారణంతో ఆమెకు పార్టీ పదవి ఇప్పించాలనే ప్రయత్నం జరుగుతోంది. ఆయన జెడ్పీ చైర్మన్ కుర్చీలో కూర్చోవాలని తెగ ఆరాట పడుతున్నారు. మంత్రి సీతక్కకు కూడా తన కుమారుడు సూర్యను రాజకీయాల్లో ఉన్నత స్థానంలో చూడాలని ఉంది. ఈ నేపథ్యంలో ములుగు జిల్లా అధ్యక్ష పగ్గాలు సీతక్క కుమారుడు సూర్యకు ఇప్పిస్తారనే చర్చ జరుగుతోంది. ఇక జనగామ జిల్లా కాంగ్రెస్ అధ్యక్ష పదవిలో ప్రస్తుతం కొమ్మూరి ప్రతాపరెడ్డి కొనసాగుతున్నారు. వచ్చే స్థానిక సంస్థల ఎన్నికల్లో ఆయనకు జెడ్పీ చైర్మన్ పదవిపై ఆశలున్నాయి. అయితే పార్టీలో తీవ్ర పోటీ నెలకొన్న నేపథ్యంలో అప్పటి వరకు ఆ పదవిలో ఉన్నవారికే కాకుండా కొత్తవారికి అవకాశం ఇవ్వాలని భావిస్తున్నారు. 2010 నుంచి 14 సంవత్సరాలుగా పాటు కాంగ్రెస్ పార్టీలో ఎంపీపీ, డీసీసీబీ చైర్మన్‌గా పనిచేశారు. ఆ తర్వాత కొంతకాలం పార్టీలో పెద్దగా చురుకుగా లేనప్పటికీ తిరిగి యాక్టివ్ అయ్యారు. ఇప్పుడు పార్టీ అధిష్టానం ఎవరికి అవకాశం ఇస్తుందో చూడాలి. జనగామ జిల్లాలో కాంగ్రెస్ పార్టీ బలోపేతం కోసం కృషి చేస్తున్నారు. మంత్రి కొండా సురేఖ కూడా తన వర్గానికి పదవి ఇప్పించాలని ప్రయత్నిస్తున్నారు. ఉమ్మడి జిల్లాలో పలువురు నేతలు డీసీసీ పదవుల కోసం పోటీ పడుతున్నారు. వారసులకు పదవులు ఇప్పించే విషయంలో నేతలు పట్టుదలగా ఉన్నారు. మహబూబాబాద్ జిల్లా అధ్యక్ష పదవి కోసం కూడా పోటీ ఉంది. ఈ పోటీలో ఎవరికి పదవి దక్కుతుందో అన్నది ఆసక్తికరంగా మారింది. పార్టీ అధిష్టానం త్వరలో నిర్ణయం తీసుకోనుంది. కొత్త జిల్లా అధ్యక్షుల నియామకంపై పార్టీ అధిష్టానం దృష్టి సారించింది. త్వరలోనే నియామకాలు జరిగే అవకాశం ఉందని పార్టీ వర్గాలు చెబుతున్నాయి. జిల్లాల వారీగా ఆశావహుల జాబితా సిద్ధమైంది. అయితే అంతిమ నిర్ణయం అధిష్టానానిదే. ముఖ్యంగా డీసీసీ పదవుల విషయంలో సీనియర్లకు, యువతకు సమాన ప్రాధాన్యత ఇవ్వాలని కార్యకర్తలు కోరుతున్నారు. ఎవరికి అవకాశం దక్కుతుందో వేచి చూడాలి.
లారీ పోవడంతో
వ్యక్తి మృతి
రంగారెడ్డి,రాజేంద్రనగర్ పోలీస్ స్టేషన్ పరిధిలో విషాదం జరిగింది. రాజేంద్రనగర్ ట్రాఫిక్ పోలీస్ స్టేషన్ పక్కన ఒక గోదాం వద్ద నిద్రిస్తున్న వ్యక్తి పైనుంచి గుర్తుతెలియని లారీ దూసుకెళ్లింది. లారీ డ్రైవర్ నిర్లక్ష్యం కారణంగా లారీ రివర్స్ తీసుకునే క్రమంలో ఈ ఘటన జరిగింది. ఈ ప్రమాదంలో వ్యక్తి సంఘటన స్థలంలోనే మృతి చెందాడు. మంగళవారం ఉదయం ఈ విషయాన్ని గమనించిన స్థానికులు అత్తాపూర్ పోలీసులకు సమాచారం అందించడంతో, సంఘటన స్థలానికి చేరుకున్న అత్తాపూర్ పోలీసులు కేసు నమోదు చేసుకుని దర్యాప్తు చేస్తున్నారు.
